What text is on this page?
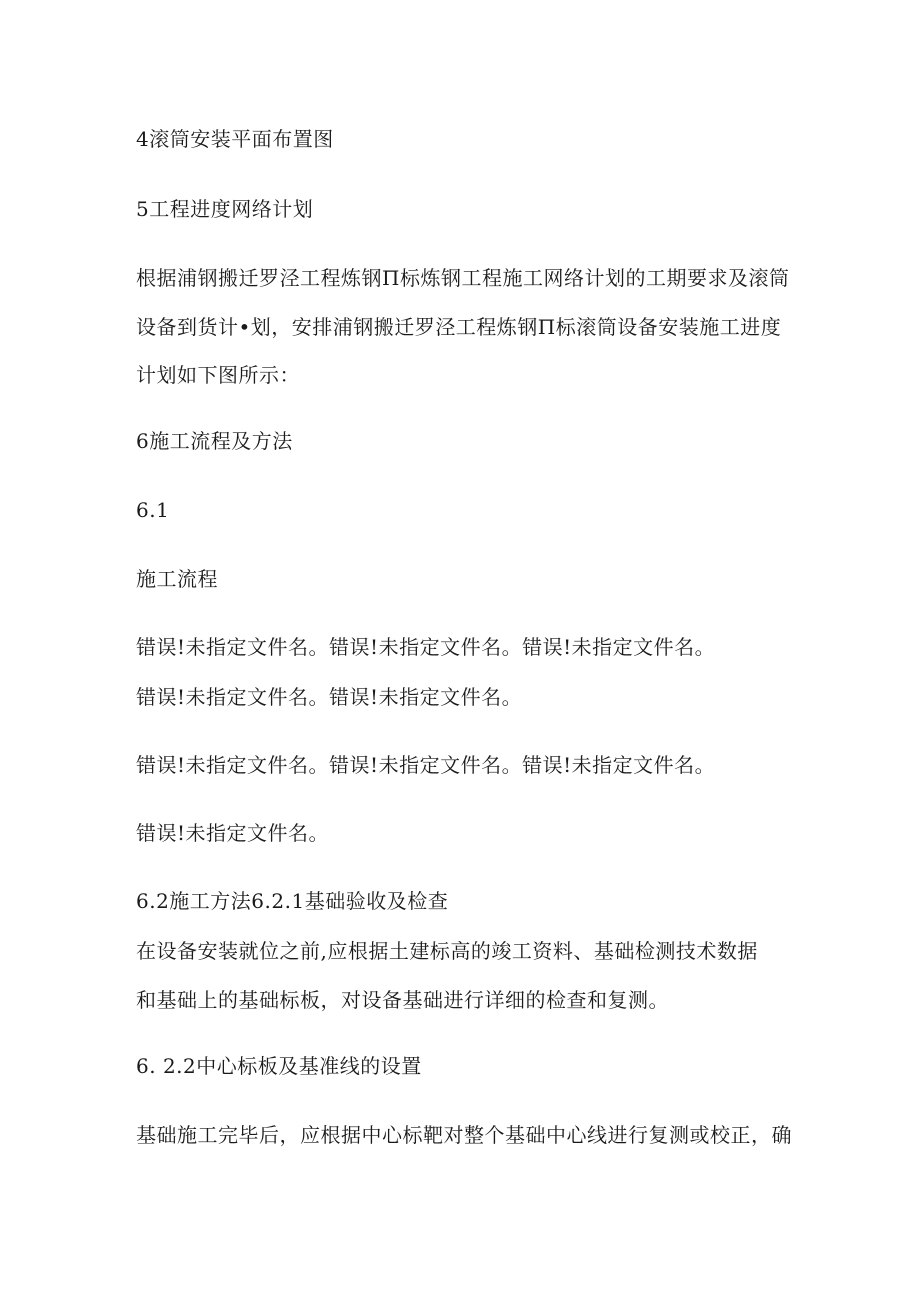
4滚筒安装平面布置图
5工程进度网络计划
根据浦钢搬迁罗泾工程炼钢Π标炼钢工程施工网络计划的工期要求及滚筒
设备到货计•划，安排浦钢搬迁罗泾工程炼钢Π标滚筒设备安装施工进度
计划如下图所示：
6施工流程及方法
6.1
施工流程
错误!未指定文件名。错误!未指定文件名。错误!未指定文件名。
错误!未指定文件名。错误!未指定文件名。
错误!未指定文件名。错误!未指定文件名。错误!未指定文件名。
错误!未指定文件名。
6.2施工方法6.2.1基础验收及检查
在设备安装就位之前,应根据土建标高的竣工资料、基础检测技术数据
和基础上的基础标板，对设备基础进行详细的检查和复测。
6. 2.2中心标板及基准线的设置
基础施工完毕后，应根据中心标靶对整个基础中心线进行复测或校正，确
